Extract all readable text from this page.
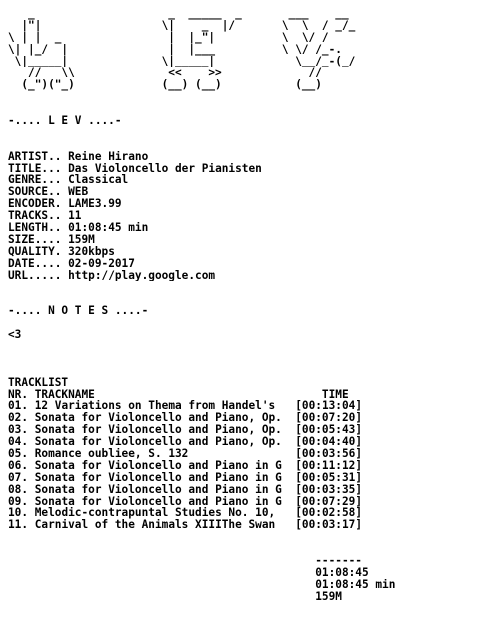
_                    _  _____  _       ___    __
|"|                  \|    _  |/       \  \  / _/_
\ | |  _                |  |_"|          \  \/ /
\| |_/  |               |  |___          \ \/ /_-.
\|_____|              \|_____|            \__/_-(_/
//   \\              <<    >>             //
(_")("_)             (__) (__)           (__)
-.... L E V ....-
ARTIST.. Reine Hirano
TITLE... Das Violoncello der Pianisten
GENRE... Classical
SOURCE.. WEB
ENCODER. LAME3.99
TRACKS.. 11
LENGTH.. 01:08:45 min
SIZE.... 159M
QUALITY. 320kbps
DATE.... 02-09-2017
URL..... http://play.google.com
-.... N O T E S ....-
<3
TRACKLIST
NR. TRACKNAME                                  TIME
01. 12 Variations on Thema from Handel's [00:13:04]
02. Sonata for Violoncello and Piano, Op. [00:07:20]
03. Sonata for Violoncello and Piano, Op. [00:05:43]
04. Sonata for Violoncello and Piano, Op. [00:04:40]
05. Romance oubliee, S. 132	[00:03:56]
06. Sonata for Violoncello and Piano in G [00:11:12]
07. Sonata for Violoncello and Piano in G [00:05:31]
08. Sonata for Violoncello and Piano in G [00:03:35]
09. Sonata for Violoncello and Piano in G [00:07:29]
10. Melodic-contrapuntal Studies No. 10, [00:02:58]
11. Carnival of the Animals XIIIThe Swan [00:03:17]
-------
01:08:45
01:08:45 min
159M
